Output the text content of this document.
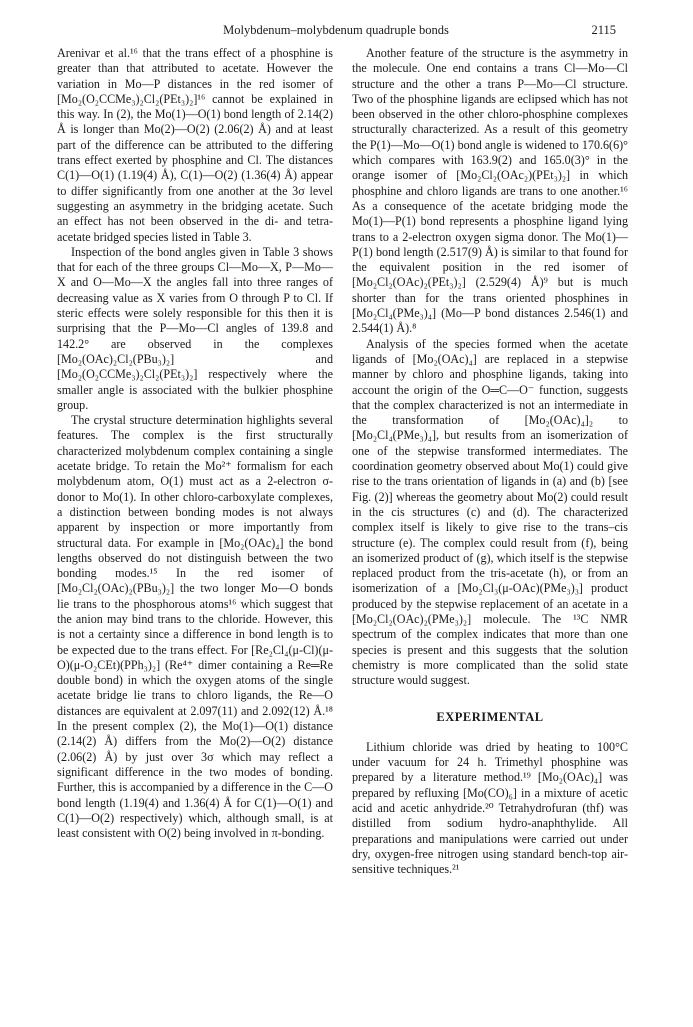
Molybdenum–molybdenum quadruple bonds	2115

Arenivar et al.¹⁶ that the trans effect of a phosphine is greater than that attributed to acetate. However the variation in Mo—P distances in the red isomer of [Mo₂(O₂CCMe₃)₂Cl₂(PEt₃)₂]¹⁶ cannot be explained in this way. In (2), the Mo(1)—O(1) bond length of 2.14(2) Å is longer than Mo(2)—O(2) (2.06(2) Å) and at least part of the difference can be attributed to the differing trans effect exerted by phosphine and Cl. The distances C(1)—O(1) (1.19(4) Å), C(1)—O(2) (1.36(4) Å) appear to differ significantly from one another at the 3σ level suggesting an asymmetry in the bridging acetate. Such an effect has not been observed in the di- and tetra-acetate bridged species listed in Table 3.

Inspection of the bond angles given in Table 3 shows that for each of the three groups Cl—Mo—X, P—Mo—X and O—Mo—X the angles fall into three ranges of decreasing value as X varies from O through P to Cl. If steric effects were solely responsible for this then it is surprising that the P—Mo—Cl angles of 139.8 and 142.2° are observed in the complexes [Mo₂(OAc)₂Cl₂(PBu₃)₂] and [Mo₂(O₂CCMe₃)₂Cl₂(PEt₃)₂] respectively where the smaller angle is associated with the bulkier phosphine group.

The crystal structure determination highlights several features. The complex is the first structurally characterized molybdenum complex containing a single acetate bridge. To retain the Mo²⁺ formalism for each molybdenum atom, O(1) must act as a 2-electron σ-donor to Mo(1). In other chloro-carboxylate complexes, a distinction between bonding modes is not always apparent by inspection or more importantly from structural data. For example in [Mo₂(OAc)₄] the bond lengths observed do not distinguish between the two bonding modes.¹⁵ In the red isomer of [Mo₂Cl₂(OAc)₂(PBu₃)₂] the two longer Mo—O bonds lie trans to the phosphorous atoms¹⁶ which suggest that the anion may bind trans to the chloride. However, this is not a certainty since a difference in bond length is to be expected due to the trans effect. For [Re₂Cl₄(μ-Cl)(μ-O)(μ-O₂CEt)(PPh₃)₂] (Re⁴⁺ dimer containing a Re═Re double bond) in which the oxygen atoms of the single acetate bridge lie trans to chloro ligands, the Re—O distances are equivalent at 2.097(11) and 2.092(12) Å.¹⁸ In the present complex (2), the Mo(1)—O(1) distance (2.14(2) Å) differs from the Mo(2)—O(2) distance (2.06(2) Å) by just over 3σ which may reflect a significant difference in the two modes of bonding. Further, this is accompanied by a difference in the C—O bond length (1.19(4) and 1.36(4) Å for C(1)—O(1) and C(1)—O(2) respectively) which, although small, is at least consistent with O(2) being involved in π-bonding.

Another feature of the structure is the asymmetry in the molecule. One end contains a trans Cl—Mo—Cl structure and the other a trans P—Mo—Cl structure. Two of the phosphine ligands are eclipsed which has not been observed in the other chloro-phosphine complexes structurally characterized. As a result of this geometry the P(1)—Mo—O(1) bond angle is widened to 170.6(6)° which compares with 163.9(2) and 165.0(3)° in the orange isomer of [Mo₂Cl₂(OAc₂)(PEt₃)₂] in which phosphine and chloro ligands are trans to one another.¹⁶ As a consequence of the acetate bridging mode the Mo(1)—P(1) bond represents a phosphine ligand lying trans to a 2-electron oxygen sigma donor. The Mo(1)—P(1) bond length (2.517(9) Å) is similar to that found for the equivalent position in the red isomer of [Mo₂Cl₂(OAc)₂(PEt₃)₂] (2.529(4) Å)⁹ but is much shorter than for the trans oriented phosphines in [Mo₂Cl₄(PMe₃)₄] (Mo—P bond distances 2.546(1) and 2.544(1) Å).⁸

Analysis of the species formed when the acetate ligands of [Mo₂(OAc)₄] are replaced in a stepwise manner by chloro and phosphine ligands, taking into account the origin of the O═C—O⁻ function, suggests that the complex characterized is not an intermediate in the transformation of [Mo₂(OAc)₄]₂ to [Mo₂Cl₄(PMe₃)₄], but results from an isomerization of one of the stepwise transformed intermediates. The coordination geometry observed about Mo(1) could give rise to the trans orientation of ligands in (a) and (b) [see Fig. (2)] whereas the geometry about Mo(2) could result in the cis structures (c) and (d). The characterized complex itself is likely to give rise to the trans–cis structure (e). The complex could result from (f), being an isomerized product of (g), which itself is the stepwise replaced product from the tris-acetate (h), or from an isomerization of a [Mo₂Cl₃(μ-OAc)(PMe₃)₃] product produced by the stepwise replacement of an acetate in a [Mo₂Cl₂(OAc)₂(PMe₃)₂] molecule. The ¹³C NMR spectrum of the complex indicates that more than one species is present and this suggests that the solution chemistry is more complicated than the solid state structure would suggest.

EXPERIMENTAL

Lithium chloride was dried by heating to 100°C under vacuum for 24 h. Trimethyl phosphine was prepared by a literature method.¹⁹ [Mo₂(OAc)₄] was prepared by refluxing [Mo(CO)₆] in a mixture of acetic acid and acetic anhydride.²⁰ Tetrahydrofuran (thf) was distilled from sodium hydro-anaphthylide. All preparations and manipulations were carried out under dry, oxygen-free nitrogen using standard bench-top air-sensitive techniques.²¹
